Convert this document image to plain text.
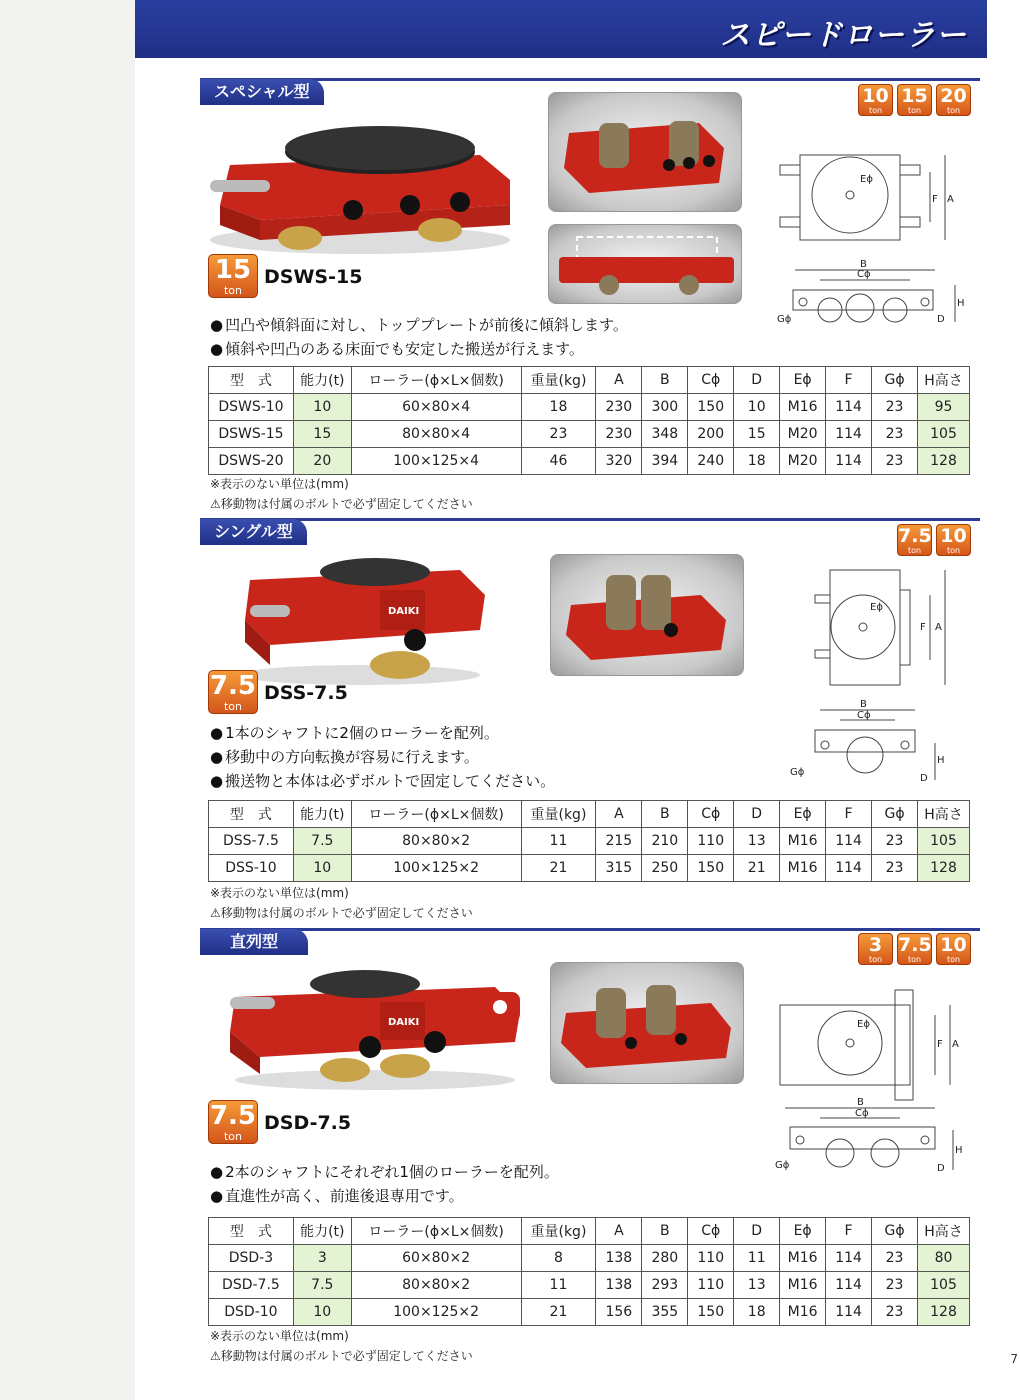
スピードローラー
スペシャル型	10
ton
15
ton
20
ton
15
ton
DSWS-15
Eϕ
A
F
B
Cϕ
H
D
Gϕ
● 凹凸や傾斜面に対し、トッププレートが前後に傾斜します。
● 傾斜や凹凸のある床面でも安定した搬送が行えます。
型　式	能力(t)	ローラー(ϕ×L×個数)	重量(kg)	A	B	Cϕ	D	Eϕ	F	Gϕ	H高さ
DSWS-10	10	60×80×4	18	230	300	150	10	M16	114	23	95
DSWS-15	15	80×80×4	23	230	348	200	15	M20	114	23	105
DSWS-20	20	100×125×4	46	320	394	240	18	M20	114	23	128
※表示のない単位は(mm)
⚠移動物は付属のボルトで必ず固定してください
シングル型	7.5
ton
10
ton
DAIKI
7.5
ton
DSS-7.5
Eϕ
A
F
B
Cϕ
H
D
Gϕ
● 1本のシャフトに2個のローラーを配列。
● 移動中の方向転換が容易に行えます。
● 搬送物と本体は必ずボルトで固定してください。
型　式	能力(t)	ローラー(ϕ×L×個数)	重量(kg)	A	B	Cϕ	D	Eϕ	F	Gϕ	H高さ
DSS-7.5	7.5	80×80×2	11	215	210	110	13	M16	114	23	105
DSS-10	10	100×125×2	21	315	250	150	21	M16	114	23	128
※表示のない単位は(mm)
⚠移動物は付属のボルトで必ず固定してください
直列型	3
ton
7.5
ton
10
ton
DAIKI	Eϕ
A
F
B
Cϕ
H
D
Gϕ
7.5
ton
DSD-7.5
● 2本のシャフトにそれぞれ1個のローラーを配列。
● 直進性が高く、前進後退専用です。
型　式	能力(t)	ローラー(ϕ×L×個数)	重量(kg)	A	B	Cϕ	D	Eϕ	F	Gϕ	H高さ
DSD-3	3	60×80×2	8	138	280	110	11	M16	114	23	80
DSD-7.5	7.5	80×80×2	11	138	293	110	13	M16	114	23	105
DSD-10	10	100×125×2	21	156	355	150	18	M16	114	23	128
※表示のない単位は(mm)
⚠移動物は付属のボルトで必ず固定してください	7
